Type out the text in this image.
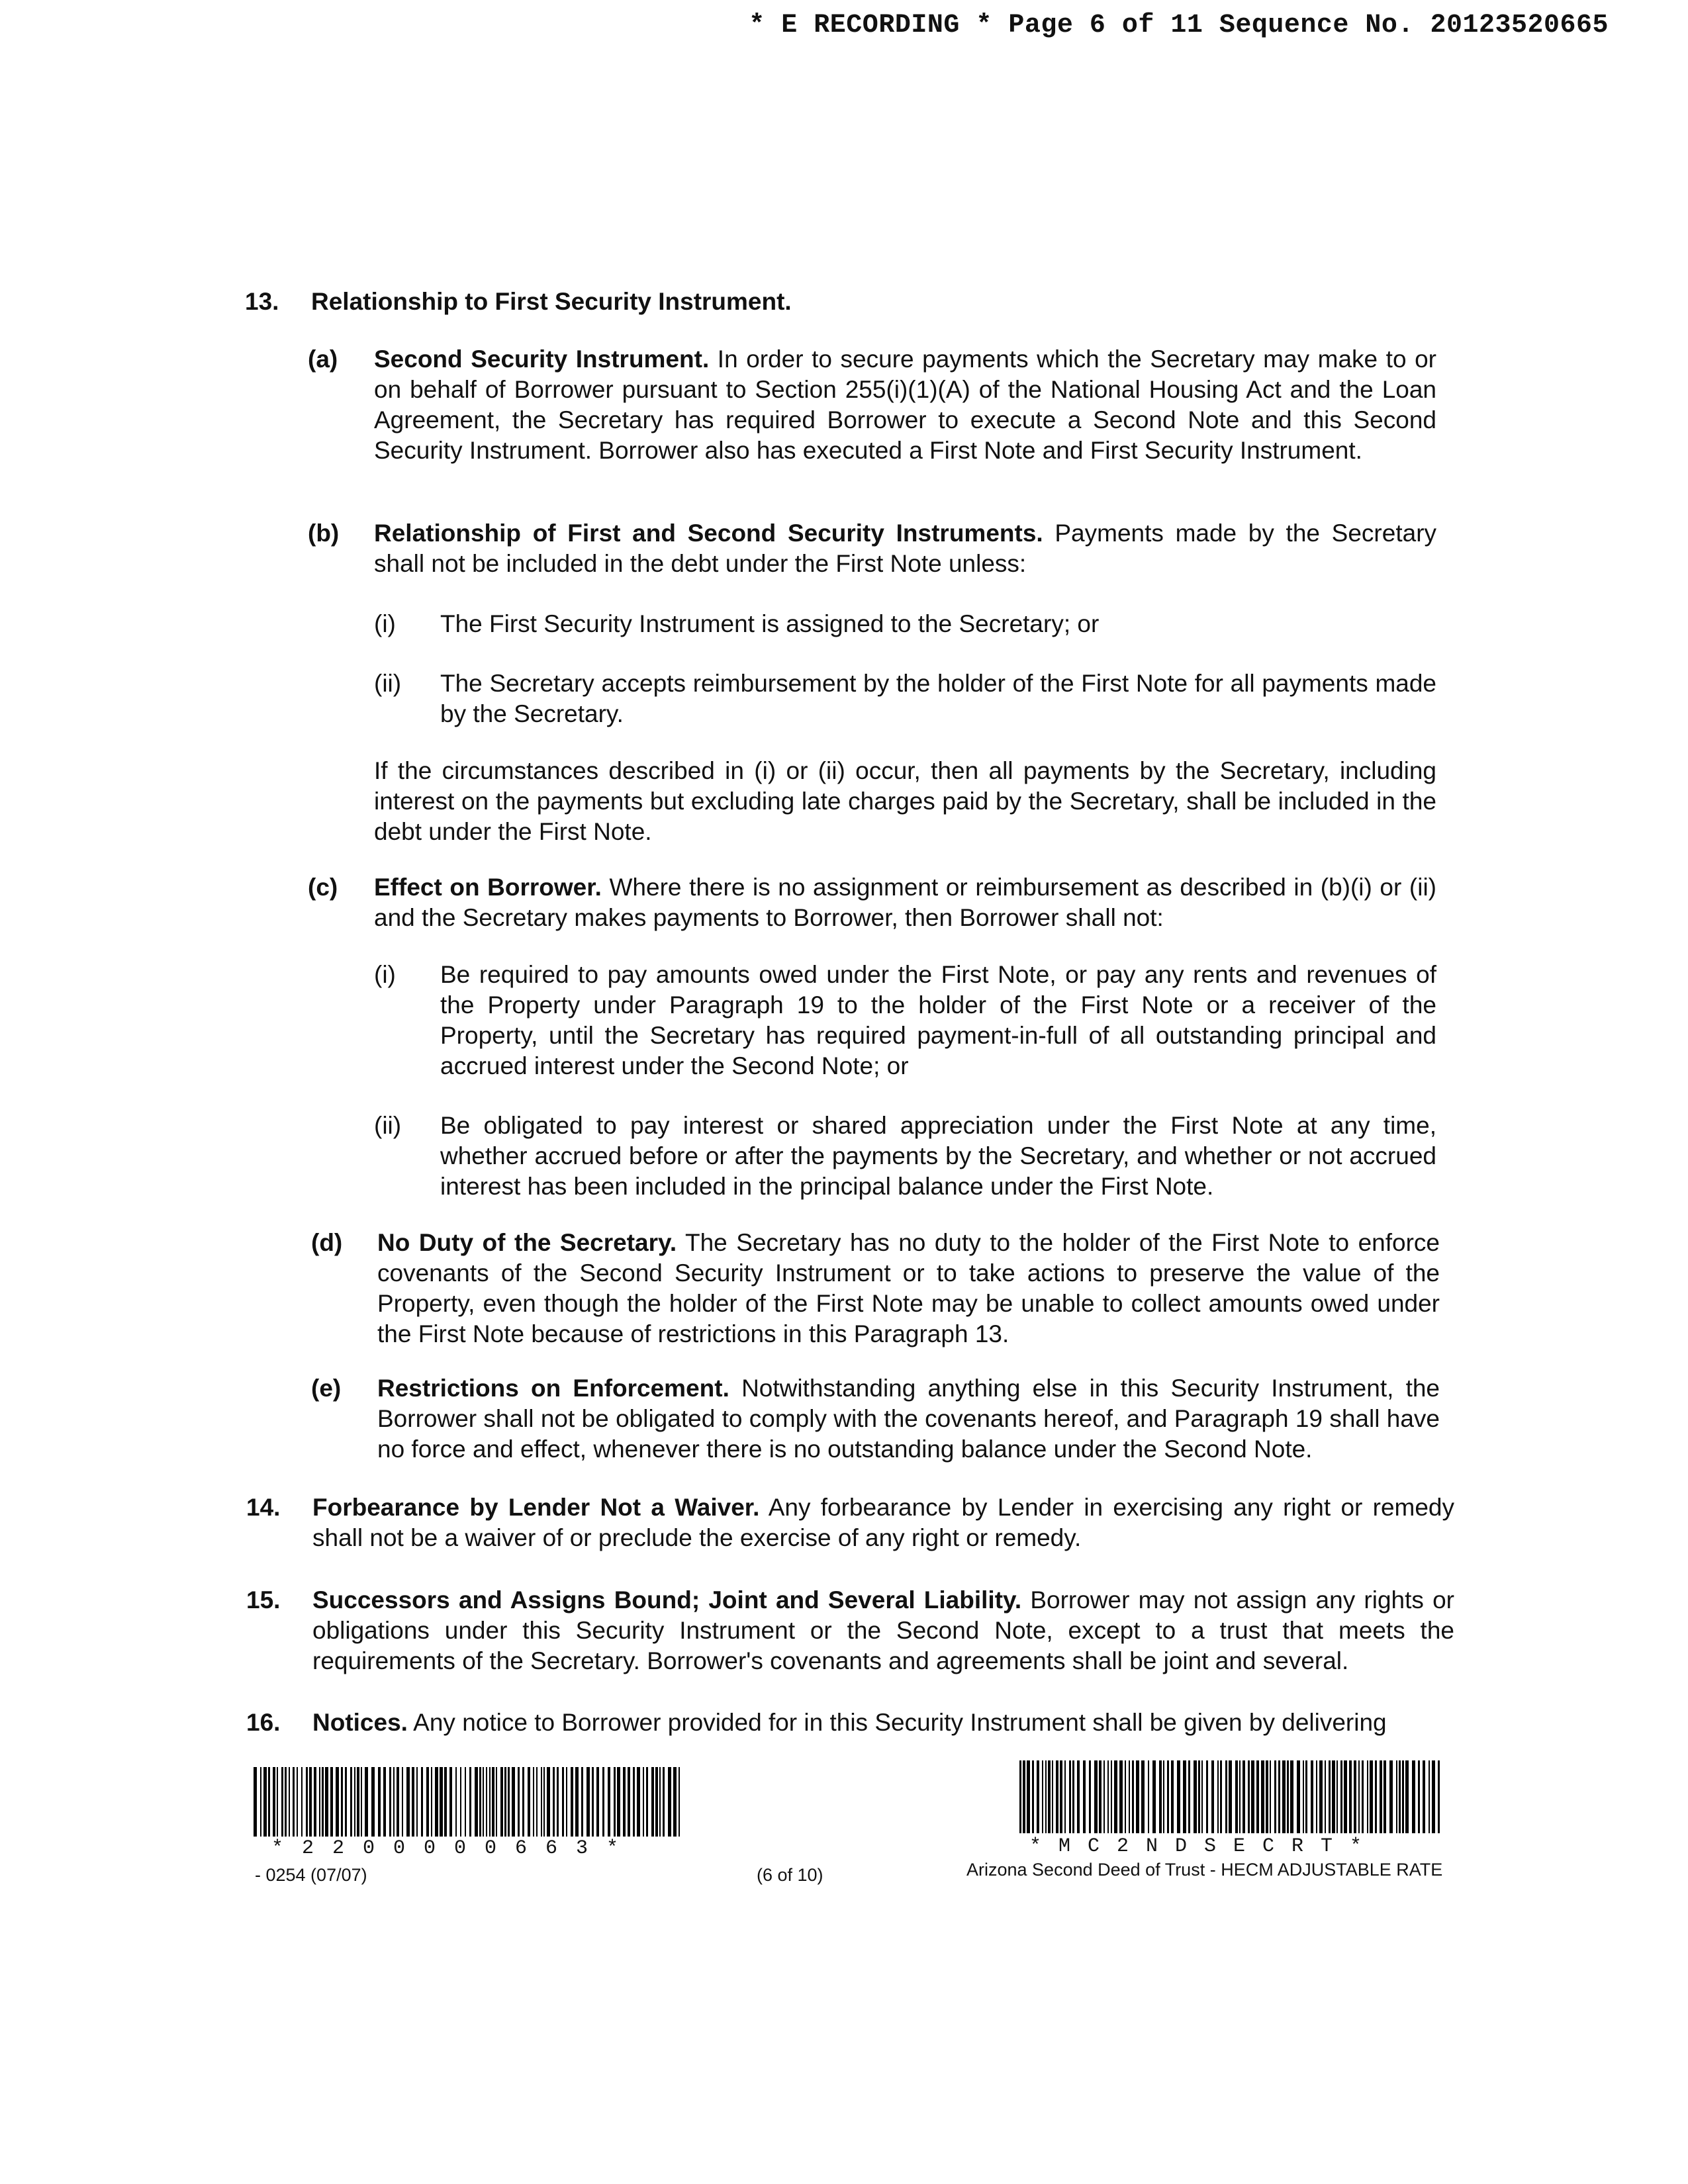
* E RECORDING * Page 6 of 11 Sequence No. 20123520665
13. Relationship to First Security Instrument.
(a) Second Security Instrument. In order to secure payments which the Secretary may make to or on behalf of Borrower pursuant to Section 255(i)(1)(A) of the National Housing Act and the Loan Agreement, the Secretary has required Borrower to execute a Second Note and this Second Security Instrument. Borrower also has executed a First Note and First Security Instrument.

(b) Relationship of First and Second Security Instruments. Payments made by the Secretary shall not be included in the debt under the First Note unless:

(i) The First Security Instrument is assigned to the Secretary; or

(ii) The Secretary accepts reimbursement by the holder of the First Note for all payments made by the Secretary.

If the circumstances described in (i) or (ii) occur, then all payments by the Secretary, including interest on the payments but excluding late charges paid by the Secretary, shall be included in the debt under the First Note.

(c) Effect on Borrower. Where there is no assignment or reimbursement as described in (b)(i) or (ii) and the Secretary makes payments to Borrower, then Borrower shall not:

(i) Be required to pay amounts owed under the First Note, or pay any rents and revenues of the Property under Paragraph 19 to the holder of the First Note or a receiver of the Property, until the Secretary has required payment-in-full of all outstanding principal and accrued interest under the Second Note; or

(ii) Be obligated to pay interest or shared appreciation under the First Note at any time, whether accrued before or after the payments by the Secretary, and whether or not accrued interest has been included in the principal balance under the First Note.

(d) No Duty of the Secretary. The Secretary has no duty to the holder of the First Note to enforce covenants of the Second Security Instrument or to take actions to preserve the value of the Property, even though the holder of the First Note may be unable to collect amounts owed under the First Note because of restrictions in this Paragraph 13.

(e) Restrictions on Enforcement. Notwithstanding anything else in this Security Instrument, the Borrower shall not be obligated to comply with the covenants hereof, and Paragraph 19 shall have no force and effect, whenever there is no outstanding balance under the Second Note.

14. Forbearance by Lender Not a Waiver. Any forbearance by Lender in exercising any right or remedy shall not be a waiver of or preclude the exercise of any right or remedy.

15. Successors and Assigns Bound; Joint and Several Liability. Borrower may not assign any rights or obligations under this Security Instrument or the Second Note, except to a trust that meets the requirements of the Secretary. Borrower's covenants and agreements shall be joint and several.

16. Notices. Any notice to Borrower provided for in this Security Instrument shall be given by delivering

*2200000663*
- 0254 (07/07)	(6 of 10)
*MC2NDSECRT*
Arizona Second Deed of Trust - HECM ADJUSTABLE RATE
